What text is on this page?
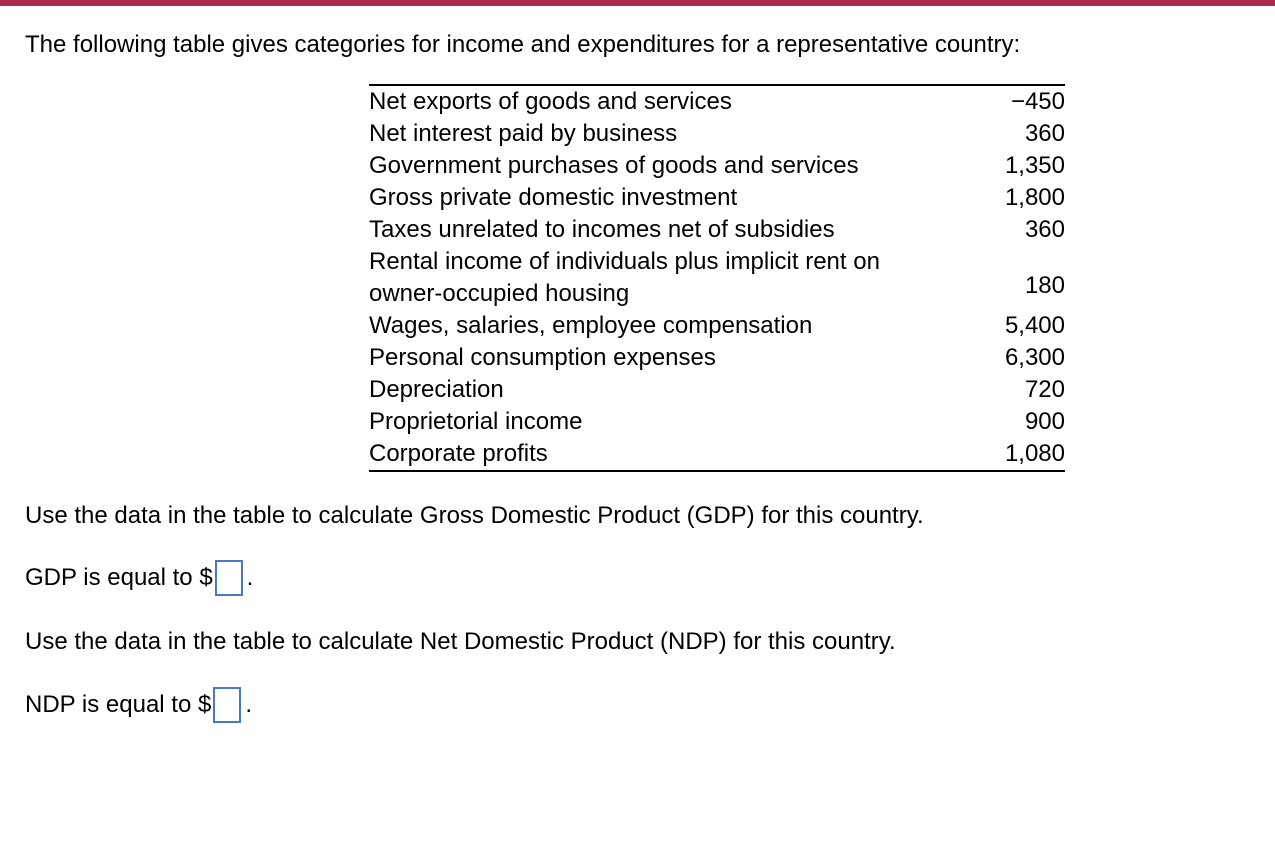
The following table gives categories for income and expenditures for a representative country:
Net exports of goods and services	−450
Net interest paid by business	360
Government purchases of goods and services	1,350
Gross private domestic investment	1,800
Taxes unrelated to incomes net of subsidies	360
Rental income of individuals plus implicit rent on owner-occupied housing	180
Wages, salaries, employee compensation	5,400
Personal consumption expenses	6,300
Depreciation	720
Proprietorial income	900
Corporate profits	1,080
Use the data in the table to calculate Gross Domestic Product (GDP) for this country.
GDP is equal to $ .
Use the data in the table to calculate Net Domestic Product (NDP) for this country.
NDP is equal to $ .
